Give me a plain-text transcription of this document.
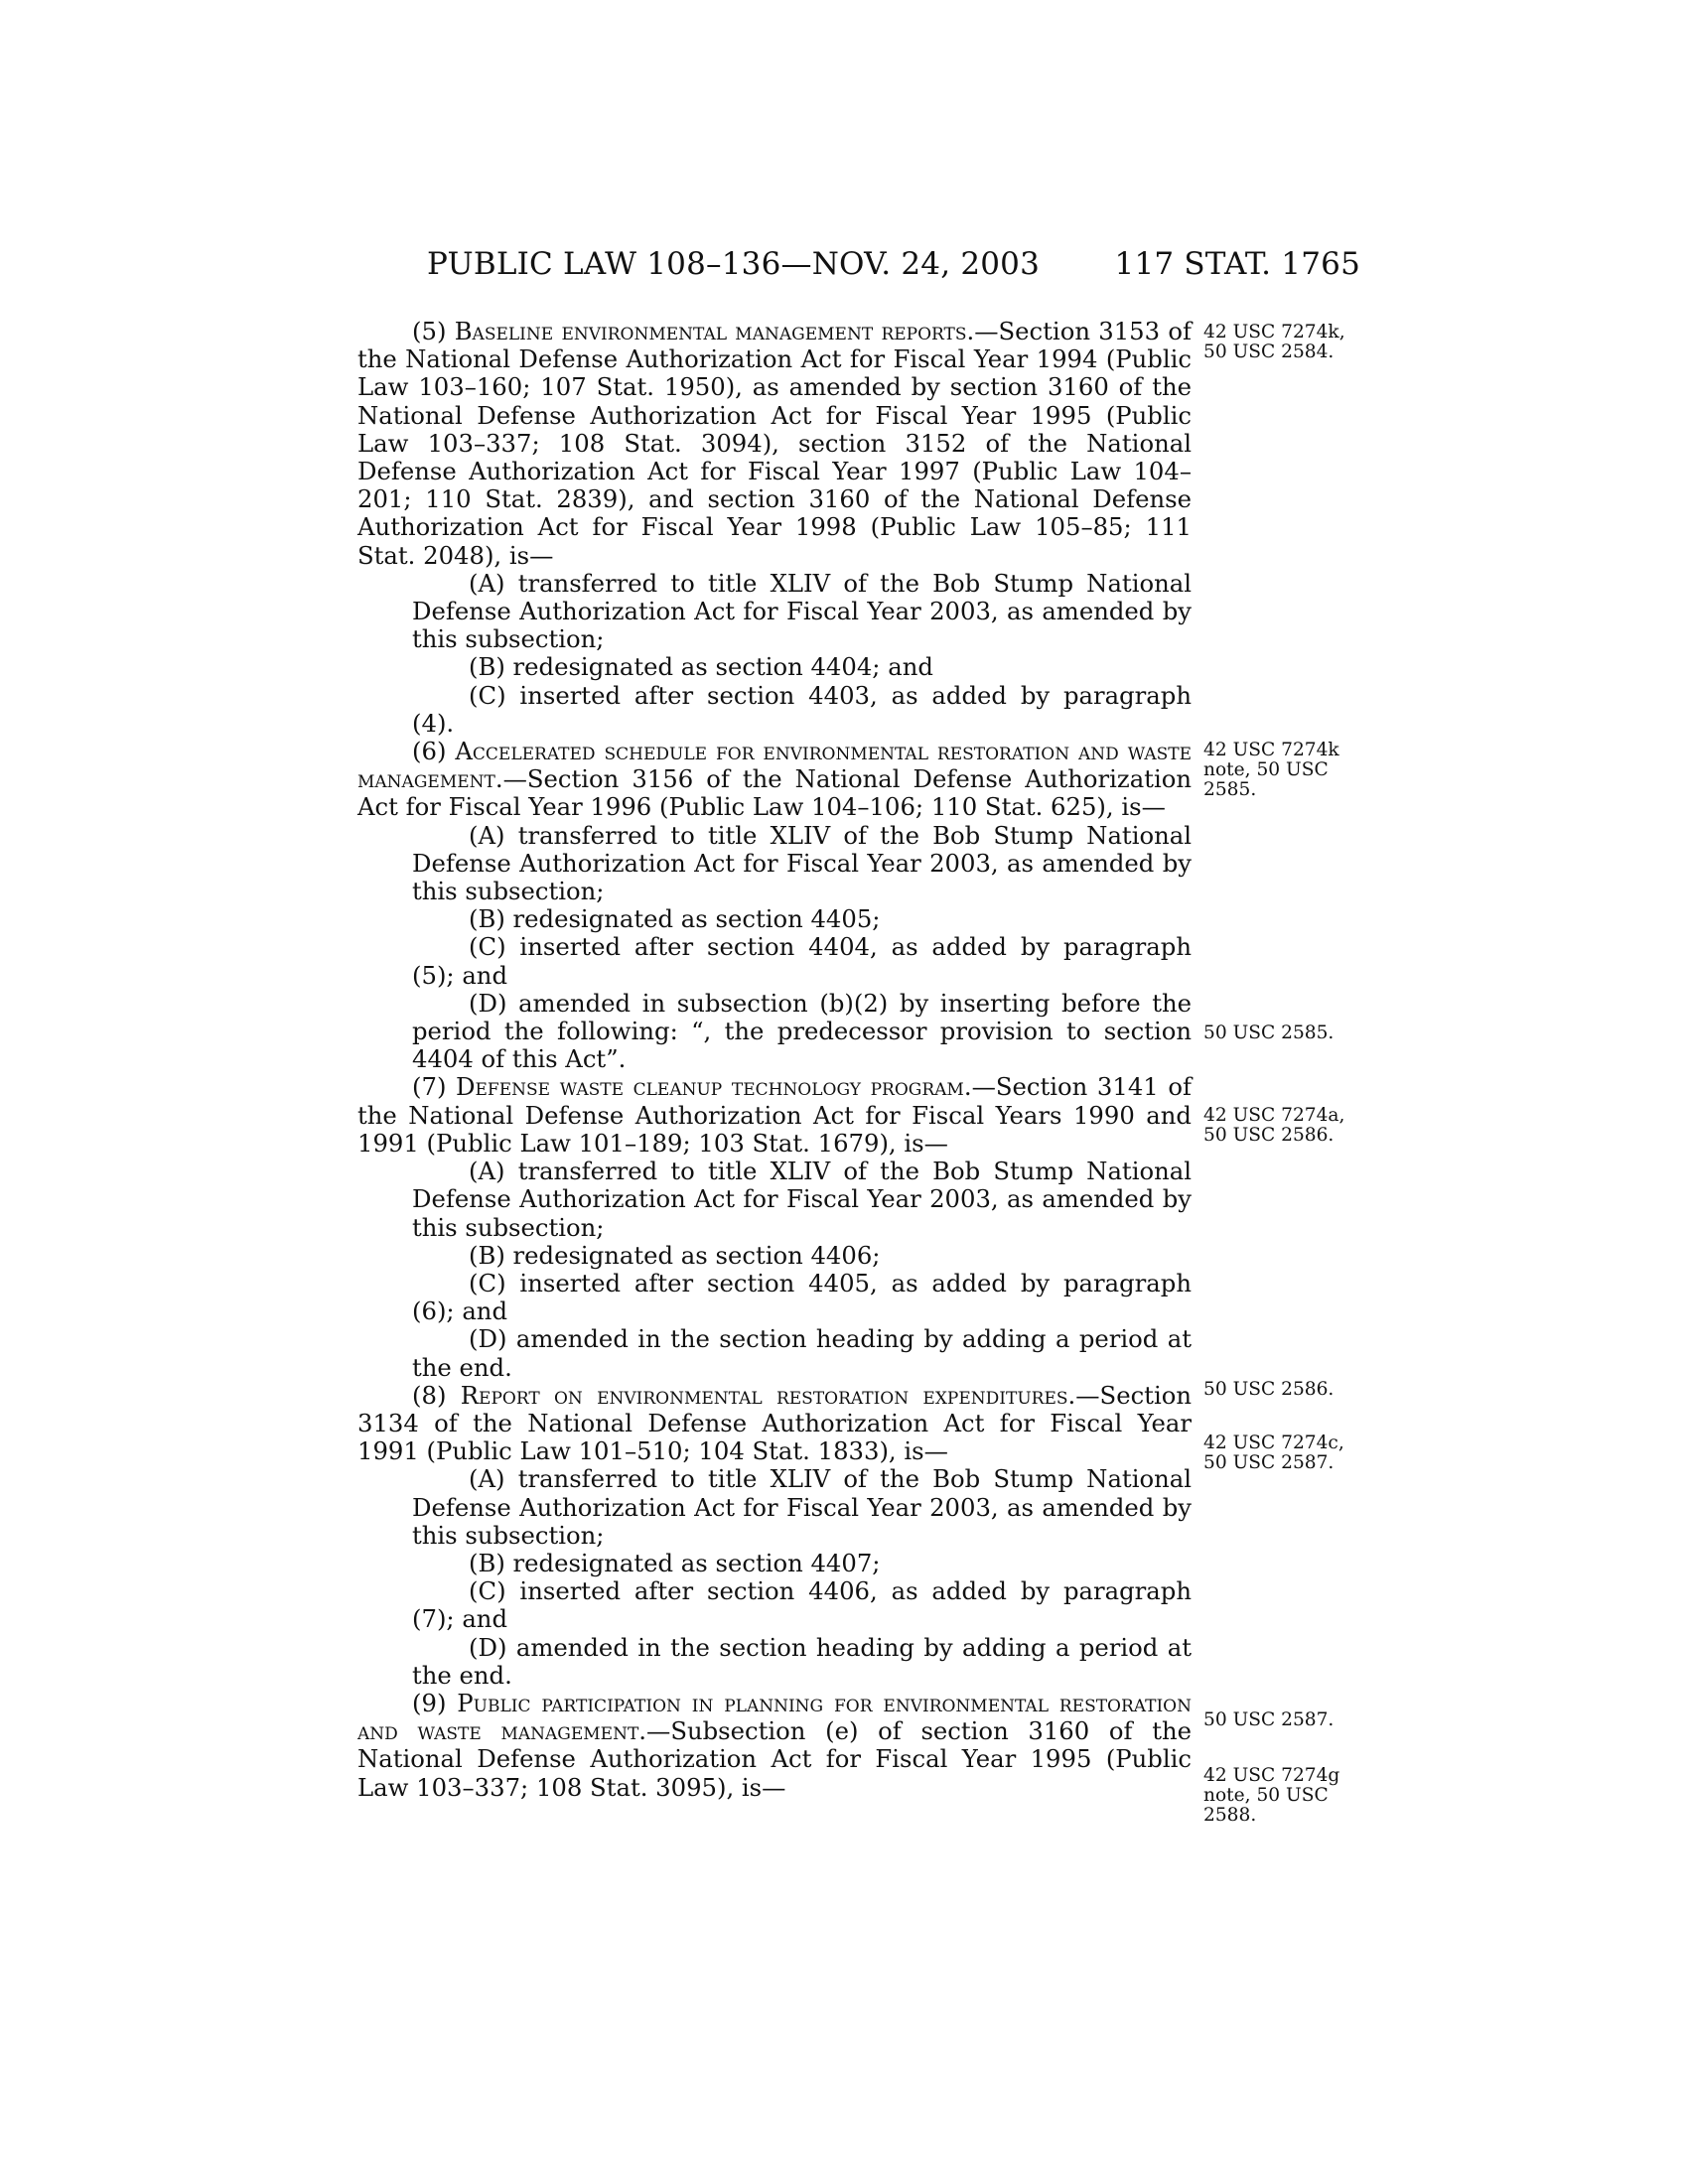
PUBLIC LAW 108–136—NOV. 24, 2003 117 STAT. 1765

(5) Baseline environmental management reports.—Section 3153 of the National Defense Authorization Act for Fiscal Year 1994 (Public Law 103–160; 107 Stat. 1950), as amended by section 3160 of the National Defense Authorization Act for Fiscal Year 1995 (Public Law 103–337; 108 Stat. 3094), section 3152 of the National Defense Authorization Act for Fiscal Year 1997 (Public Law 104–201; 110 Stat. 2839), and section 3160 of the National Defense Authorization Act for Fiscal Year 1998 (Public Law 105–85; 111 Stat. 2048), is—

(A) transferred to title XLIV of the Bob Stump National Defense Authorization Act for Fiscal Year 2003, as amended by this subsection;

(B) redesignated as section 4404; and

(C) inserted after section 4403, as added by paragraph (4).

(6) Accelerated schedule for environmental restoration and waste management.—Section 3156 of the National Defense Authorization Act for Fiscal Year 1996 (Public Law 104–106; 110 Stat. 625), is—

(A) transferred to title XLIV of the Bob Stump National Defense Authorization Act for Fiscal Year 2003, as amended by this subsection;

(B) redesignated as section 4405;

(C) inserted after section 4404, as added by paragraph (5); and

(D) amended in subsection (b)(2) by inserting before the period the following: “, the predecessor provision to section 4404 of this Act”.

(7) Defense waste cleanup technology program.—Section 3141 of the National Defense Authorization Act for Fiscal Years 1990 and 1991 (Public Law 101–189; 103 Stat. 1679), is—

(A) transferred to title XLIV of the Bob Stump National Defense Authorization Act for Fiscal Year 2003, as amended by this subsection;

(B) redesignated as section 4406;

(C) inserted after section 4405, as added by paragraph (6); and

(D) amended in the section heading by adding a period at the end.

(8) Report on environmental restoration expenditures.—Section 3134 of the National Defense Authorization Act for Fiscal Year 1991 (Public Law 101–510; 104 Stat. 1833), is—

(A) transferred to title XLIV of the Bob Stump National Defense Authorization Act for Fiscal Year 2003, as amended by this subsection;

(B) redesignated as section 4407;

(C) inserted after section 4406, as added by paragraph (7); and

(D) amended in the section heading by adding a period at the end.

(9) Public participation in planning for environmental restoration and waste management.—Subsection (e) of section 3160 of the National Defense Authorization Act for Fiscal Year 1995 (Public Law 103–337; 108 Stat. 3095), is—

42 USC 7274k,
50 USC 2584.
42 USC 7274k
note, 50 USC
2585.
50 USC 2585.
42 USC 7274a,
50 USC 2586.
50 USC 2586.
42 USC 7274c,
50 USC 2587.
50 USC 2587.
42 USC 7274g
note, 50 USC
2588.
